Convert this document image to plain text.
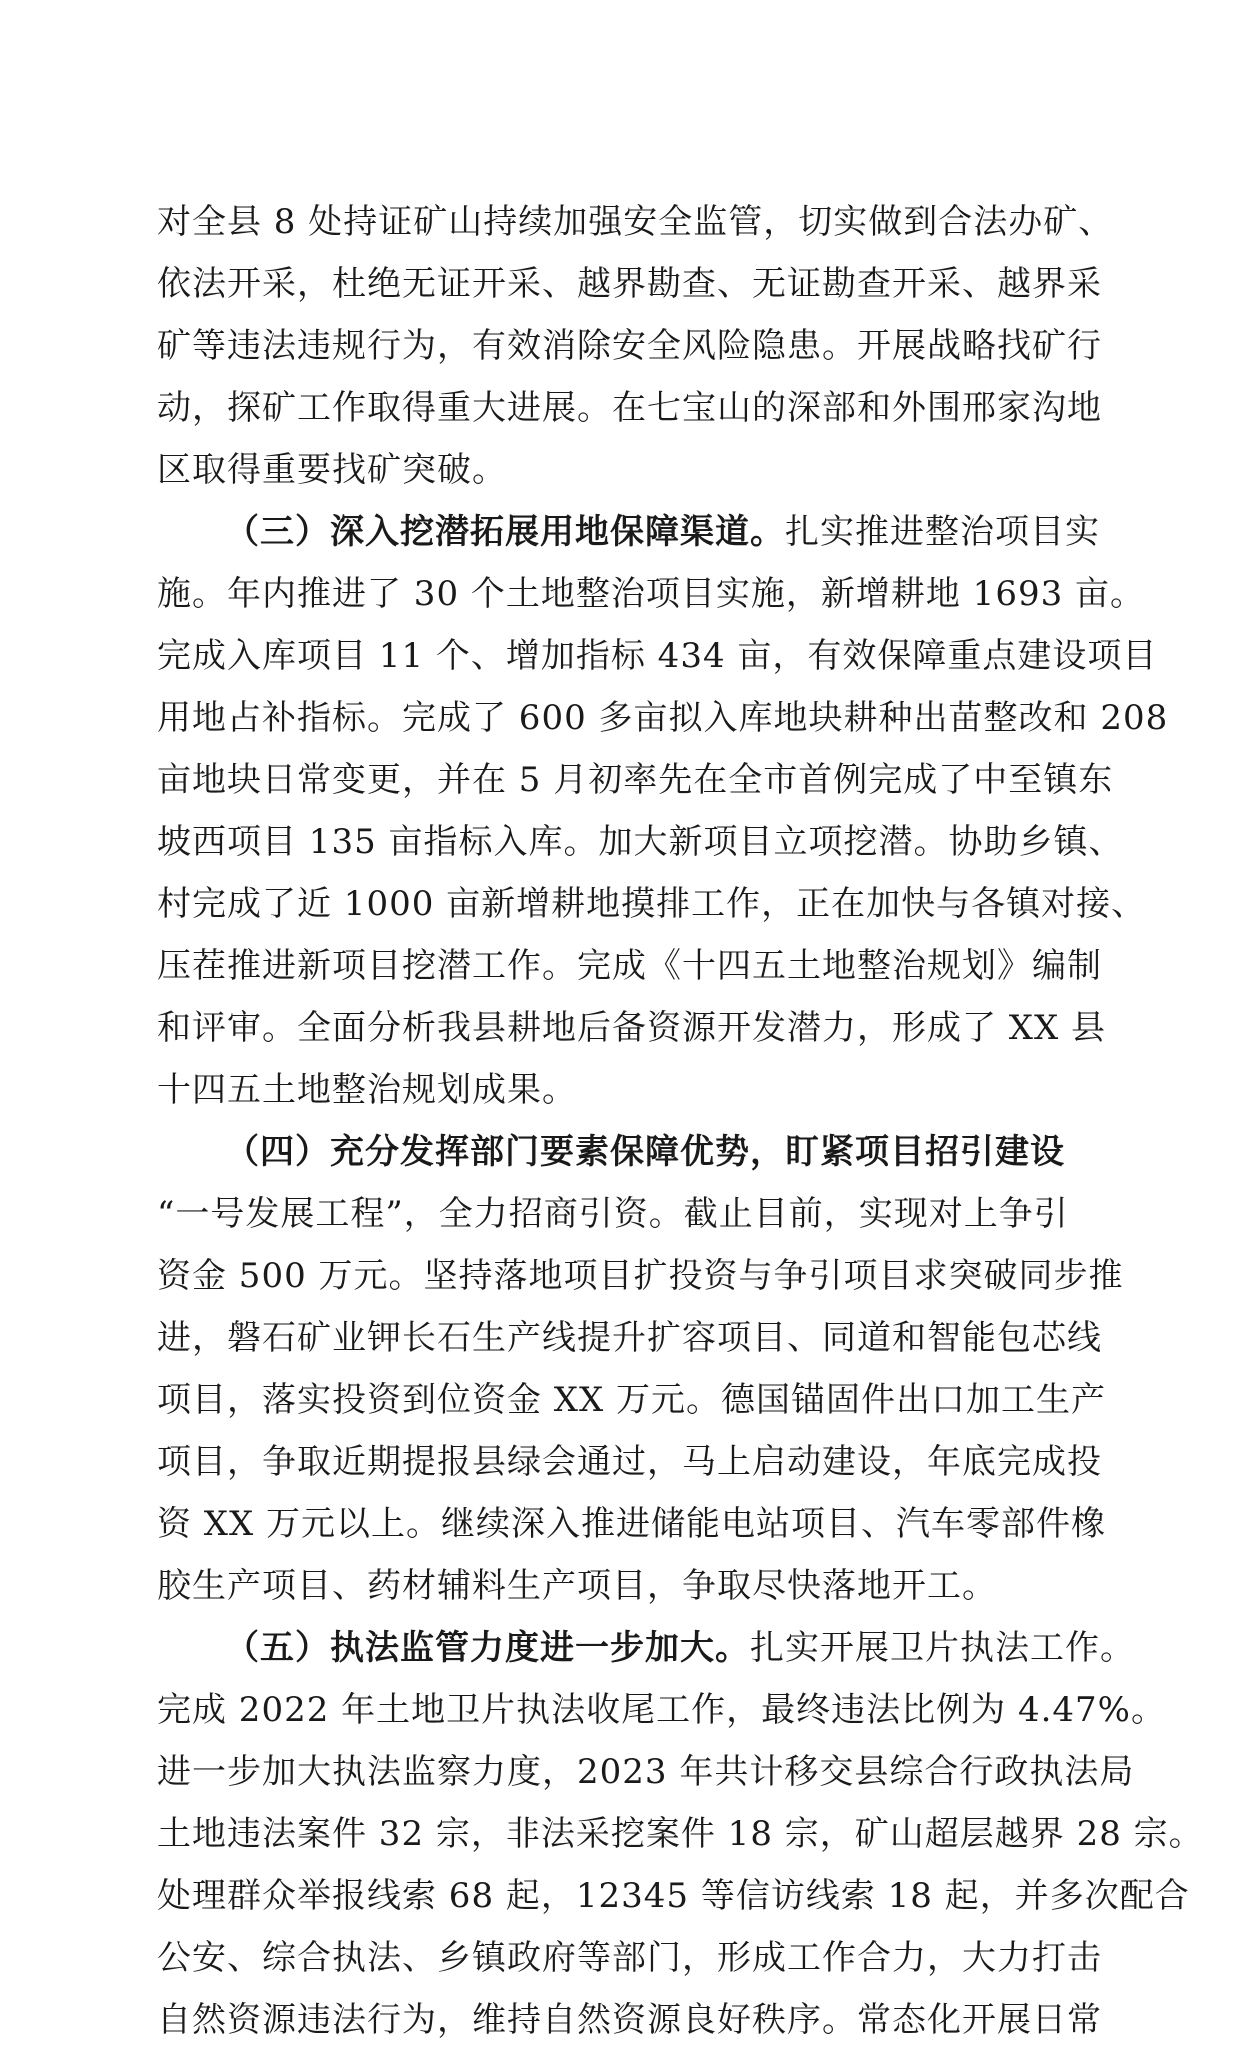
对全县 8 处持证矿山持续加强安全监管，切实做到合法办矿、
依法开采，杜绝无证开采、越界勘查、无证勘查开采、越界采
矿等违法违规行为，有效消除安全风险隐患。开展战略找矿行
动，探矿工作取得重大进展。在七宝山的深部和外围邢家沟地
区取得重要找矿突破。
（三）深入挖潜拓展用地保障渠道。扎实推进整治项目实
施。年内推进了 30 个土地整治项目实施，新增耕地 1693 亩。
完成入库项目 11 个、增加指标 434 亩，有效保障重点建设项目
用地占补指标。完成了 600 多亩拟入库地块耕种出苗整改和 208
亩地块日常变更，并在 5 月初率先在全市首例完成了中至镇东
坡西项目 135 亩指标入库。加大新项目立项挖潜。协助乡镇、
村完成了近 1000 亩新增耕地摸排工作，正在加快与各镇对接、
压茬推进新项目挖潜工作。完成《十四五土地整治规划》编制
和评审。全面分析我县耕地后备资源开发潜力，形成了 XX 县
十四五土地整治规划成果。
（四）充分发挥部门要素保障优势，盯紧项目招引建设
“一号发展工程”，全力招商引资。截止目前，实现对上争引
资金 500 万元。坚持落地项目扩投资与争引项目求突破同步推
进，磐石矿业钾长石生产线提升扩容项目、同道和智能包芯线
项目，落实投资到位资金 XX 万元。德国锚固件出口加工生产
项目，争取近期提报县绿会通过，马上启动建设，年底完成投
资 XX 万元以上。继续深入推进储能电站项目、汽车零部件橡
胶生产项目、药材辅料生产项目，争取尽快落地开工。
（五）执法监管力度进一步加大。扎实开展卫片执法工作。
完成 2022 年土地卫片执法收尾工作，最终违法比例为 4.47%。
进一步加大执法监察力度，2023 年共计移交县综合行政执法局
土地违法案件 32 宗，非法采挖案件 18 宗，矿山超层越界 28 宗。
处理群众举报线索 68 起，12345 等信访线索 18 起，并多次配合
公安、综合执法、乡镇政府等部门，形成工作合力，大力打击
自然资源违法行为，维持自然资源良好秩序。常态化开展日常
